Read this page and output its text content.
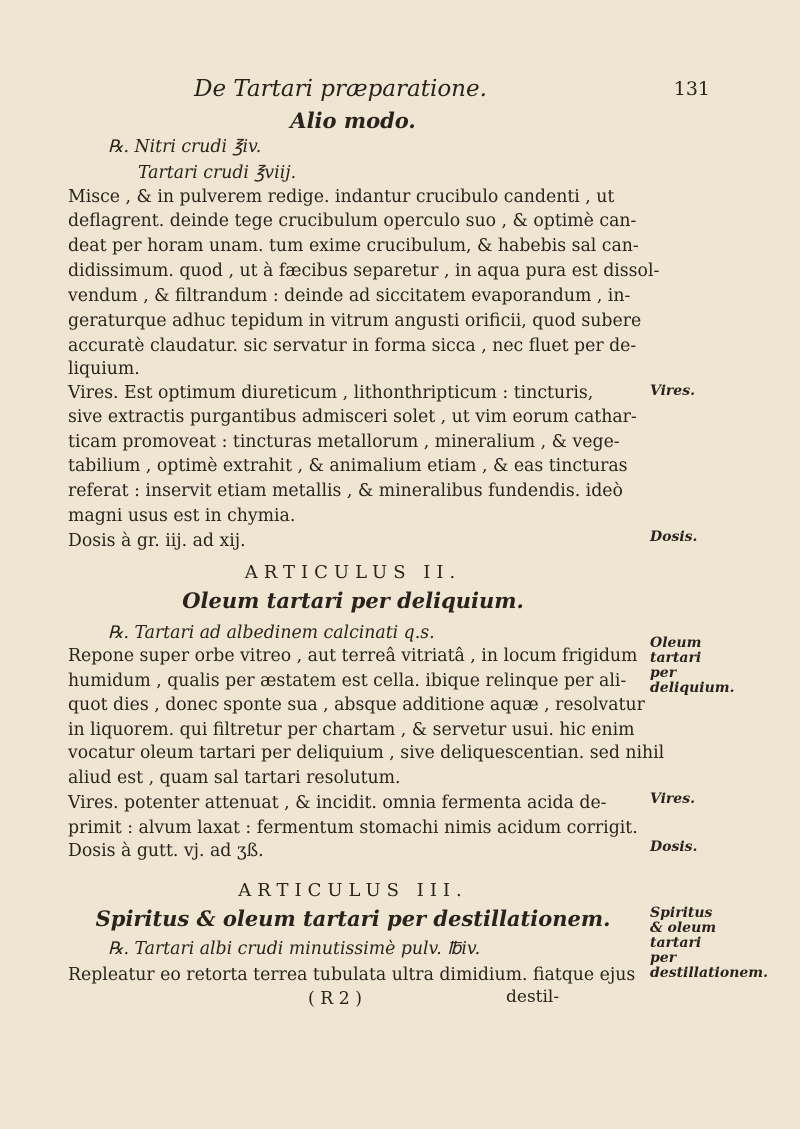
De Tartari præparatione.	131
Alio modo.
℞. Nitri crudi ℥iv.
Tartari crudi ℥viij.
Misce , & in pulverem redige. indantur crucibulo candenti , ut
deflagrent. deinde tege crucibulum operculo suo , & optimè can-
deat per horam unam. tum exime crucibulum, & habebis sal can-
didissimum. quod , ut à fæcibus separetur , in aqua pura est dissol-
vendum , & filtrandum : deinde ad siccitatem evaporandum , in-
geraturque adhuc tepidum in vitrum angusti orificii, quod subere
accuratè claudatur. sic servatur in forma sicca , nec fluet per de-
liquium.
Vires. Est optimum diureticum , lithonthripticum : tincturis,
sive extractis purgantibus admisceri solet , ut vim eorum cathar-
ticam promoveat : tincturas metallorum , mineralium , & vege-
tabilium , optimè extrahit , & animalium etiam , & eas tincturas
referat : inservit etiam metallis , & mineralibus fundendis. ideò
magni usus est in chymia.
Dosis à gr. iij. ad xij.
ARTICULUS II.
Oleum tartari per deliquium.
℞. Tartari ad albedinem calcinati q.s.
Repone super orbe vitreo , aut terreâ vitriatâ , in locum frigidum
humidum , qualis per æstatem est cella. ibique relinque per ali-
quot dies , donec sponte sua , absque additione aquæ , resolvatur
in liquorem. qui filtretur per chartam , & servetur usui. hic enim
vocatur oleum tartari per deliquium , sive deliquescentian. sed nihil
aliud est , quam sal tartari resolutum.
Vires. potenter attenuat , & incidit. omnia fermenta acida de-
primit : alvum laxat : fermentum stomachi nimis acidum corrigit.
Dosis à gutt. vj. ad ʒß.
ARTICULUS III.
Spiritus & oleum tartari per destillationem.
℞. Tartari albi crudi minutissimè pulv. ℔iv.
Repleatur eo retorta terrea tubulata ultra dimidium. fiatque ejus
( R 2 )	destil-
Vires.
Dosis.
Oleum tartari per deliquium.
Vires.
Dosis.
Spiritus & oleum tartari per destillationem.
